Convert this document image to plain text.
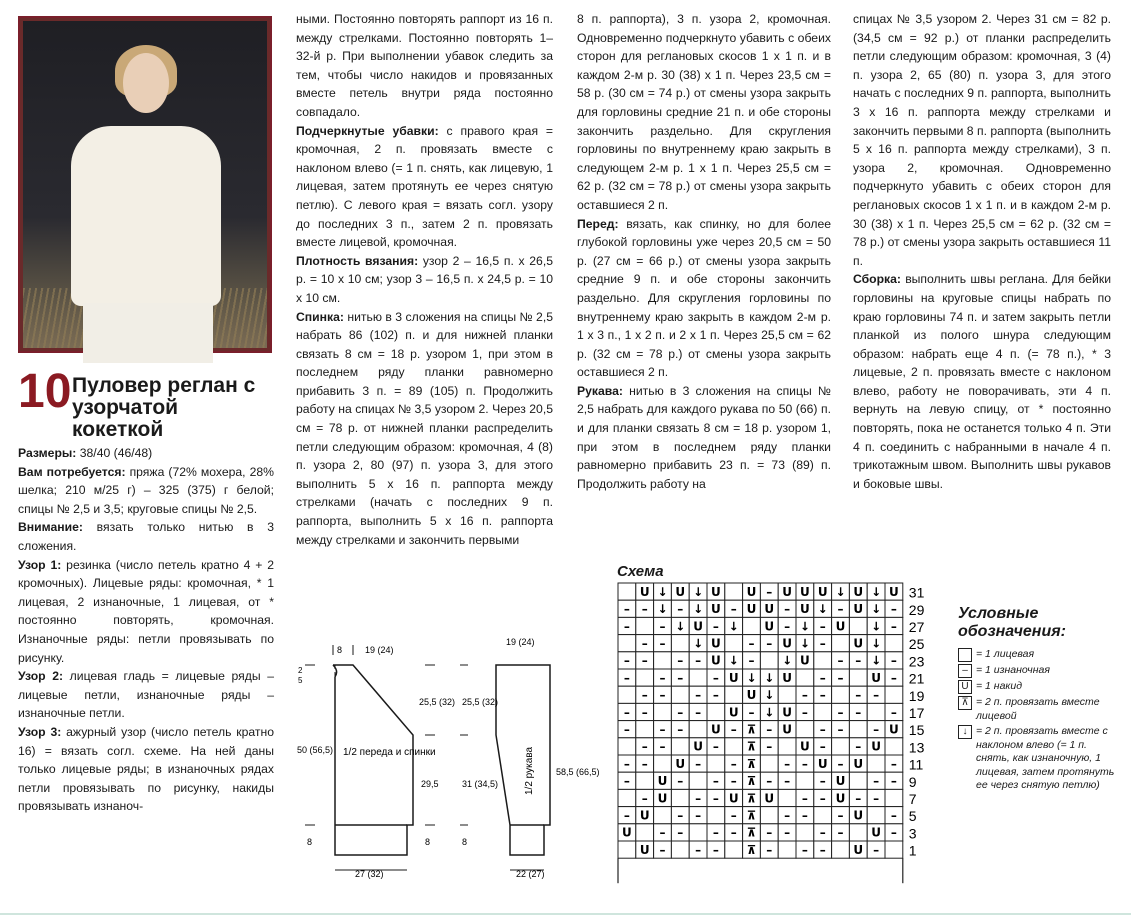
10 Пуловер реглан с узорчатой кокеткой

Размеры: 38/40 (46/48)

Вам потребуется: пряжа (72% мохера, 28% шелка; 210 м/25 г) – 325 (375) г белой; спицы № 2,5 и 3,5; круговые спицы № 2,5.

Внимание: вязать только нитью в 3 сложения.

Узор 1: резинка (число петель кратно 4 + 2 кромочных). Лицевые ряды: кромочная, * 1 лицевая, 2 изнаночные, 1 лицевая, от * постоянно повторять, кромочная. Изнаночные ряды: петли провязывать по рисунку.

Узор 2: лицевая гладь = лицевые ряды – лицевые петли, изнаночные ряды – изнаночные петли.

Узор 3: ажурный узор (число петель кратно 16) = вязать согл. схеме. На ней даны только лицевые ряды; в изнаночных рядах петли провязывать по рисунку, накиды провязывать изнаноч-

ными. Постоянно повторять раппорт из 16 п. между стрелками. Постоянно повторять 1–32-й р. При выполнении убавок следить за тем, чтобы число накидов и провязанных вместе петель внутри ряда постоянно совпадало.

Подчеркнутые убавки: с правого края = кромочная, 2 п. провязать вместе с наклоном влево (= 1 п. снять, как лицевую, 1 лицевая, затем протянуть ее через снятую петлю). С левого края = вязать согл. узору до последних 3 п., затем 2 п. провязать вместе лицевой, кромочная.

Плотность вязания: узор 2 – 16,5 п. х 26,5 р. = 10 х 10 см; узор 3 – 16,5 п. х 24,5 р. = 10 х 10 см.

Спинка: нитью в 3 сложения на спицы № 2,5 набрать 86 (102) п. и для нижней планки связать 8 см = 18 р. узором 1, при этом в последнем ряду планки равномерно прибавить 3 п. = 89 (105) п. Продолжить работу на спицах № 3,5 узором 2. Через 20,5 см = 78 р. от нижней планки распределить петли следующим образом: кромочная, 4 (8) п. узора 2, 80 (97) п. узора 3, для этого выполнить 5 х 16 п. раппорта между стрелками (начать с последних 9 п. раппорта, выполнить 5 х 16 п. раппорта между стрелками и закончить первыми

8 п. раппорта), 3 п. узора 2, кромочная. Одновременно подчеркнуто убавить с обеих сторон для реглановых скосов 1 х 1 п. и в каждом 2-м р. 30 (38) х 1 п. Через 23,5 см = 58 р. (30 см = 74 р.) от смены узора закрыть для горловины средние 21 п. и обе стороны закончить раздельно. Для скругления горловины по внутреннему краю закрыть в следующем 2-м р. 1 х 1 п. Через 25,5 см = 62 р. (32 см = 78 р.) от смены узора закрыть оставшиеся 2 п.

Перед: вязать, как спинку, но для более глубокой горловины уже через 20,5 см = 50 р. (27 см = 66 р.) от смены узора закрыть средние 9 п. и обе стороны закончить раздельно. Для скругления горловины по внутреннему краю закрыть в каждом 2-м р. 1 х 3 п., 1 х 2 п. и 2 х 1 п. Через 25,5 см = 62 р. (32 см = 78 р.) от смены узора закрыть оставшиеся 2 п.

Рукава: нитью в 3 сложения на спицы № 2,5 набрать для каждого рукава по 50 (66) п. и для планки связать 8 см = 18 р. узором 1, при этом в последнем ряду планки равномерно прибавить 23 п. = 73 (89) п. Продолжить работу на

спицах № 3,5 узором 2. Через 31 см = 82 р. (34,5 см = 92 р.) от планки распределить петли следующим образом: кромочная, 3 (4) п. узора 2, 65 (80) п. узора 3, для этого начать с последних 9 п. раппорта, выполнить 3 х 16 п. раппорта между стрелками и закончить первыми 8 п. раппорта (выполнить 5 х 16 п. раппорта между стрелками), 3 п. узора 2, кромочная. Одновременно подчеркнуто убавить с обеих сторон для реглановых скосов 1 х 1 п. и в каждом 2-м р. 30 (38) х 1 п. Через 25,5 см = 62 р. (32 см = 78 р.) от смены узора закрыть оставшиеся 11 п.

Сборка: выполнить швы реглана. Для бейки горловины на круговые спицы набрать по краю горловины 74 п. и затем закрыть петли планкой из полого шнура следующим образом: набрать еще 4 п. (= 78 п.), * 3 лицевые, 2 п. провязать вместе с наклоном влево, работу не поворачивать, эти 4 п. вернуть на левую спицу, от * постоянно повторять, пока не останется только 4 п. Эти 4 п. соединить с набранными в начале 4 п. трикотажным швом. Выполнить швы рукавов и боковые швы.

8	19 (24)
2
5
50 (56,5)
25,5 (32)
29,5
8	8
27 (32)
1/2 переда и спинки
19 (24)
25,5 (32)
31 (34,5)
8
22 (27)
58,5 (66,5)
1/2 рукава
Схема
U ↓ U ↓ U U – U U U ↓ U ↓ U
– – ↓ – ↓ U – U U – U ↓ – U ↓ –
– – ↓ U – ↓ U – ↓ – U ↓ –
– – ↓ U – – U ↓ – U ↓
– – – – U ↓ – ↓ U – – ↓ –
– – – – U ↓ ↓ U – – U –
– – – – U ↓ – – – –
– – – – U – ↓ U – – – –
– – – U – ⊼ – U – – – U
– – U – ⊼ – U – – U
– – U – – ⊼ – – U – U –
– U – – – ⊼ – – – U – –
– U – – U ⊼ U – – U – –
– U – – – ⊼ – – – U –
U – – – – ⊼ – – – – U –
U – – – ⊼ – – – U –
31
29
27
25
23
21
19
17
15
13
11
9
7
5
3
1
Условные обозначения:
= 1 лицевая
– = 1 изнаночная
U = 1 накид
⊼ = 2 п. провязать вместе лицевой
↓ = 2 п. провязать вместе с наклоном влево (= 1 п. снять, как изнаночную, 1 лицевая, затем протянуть ее через снятую петлю)
